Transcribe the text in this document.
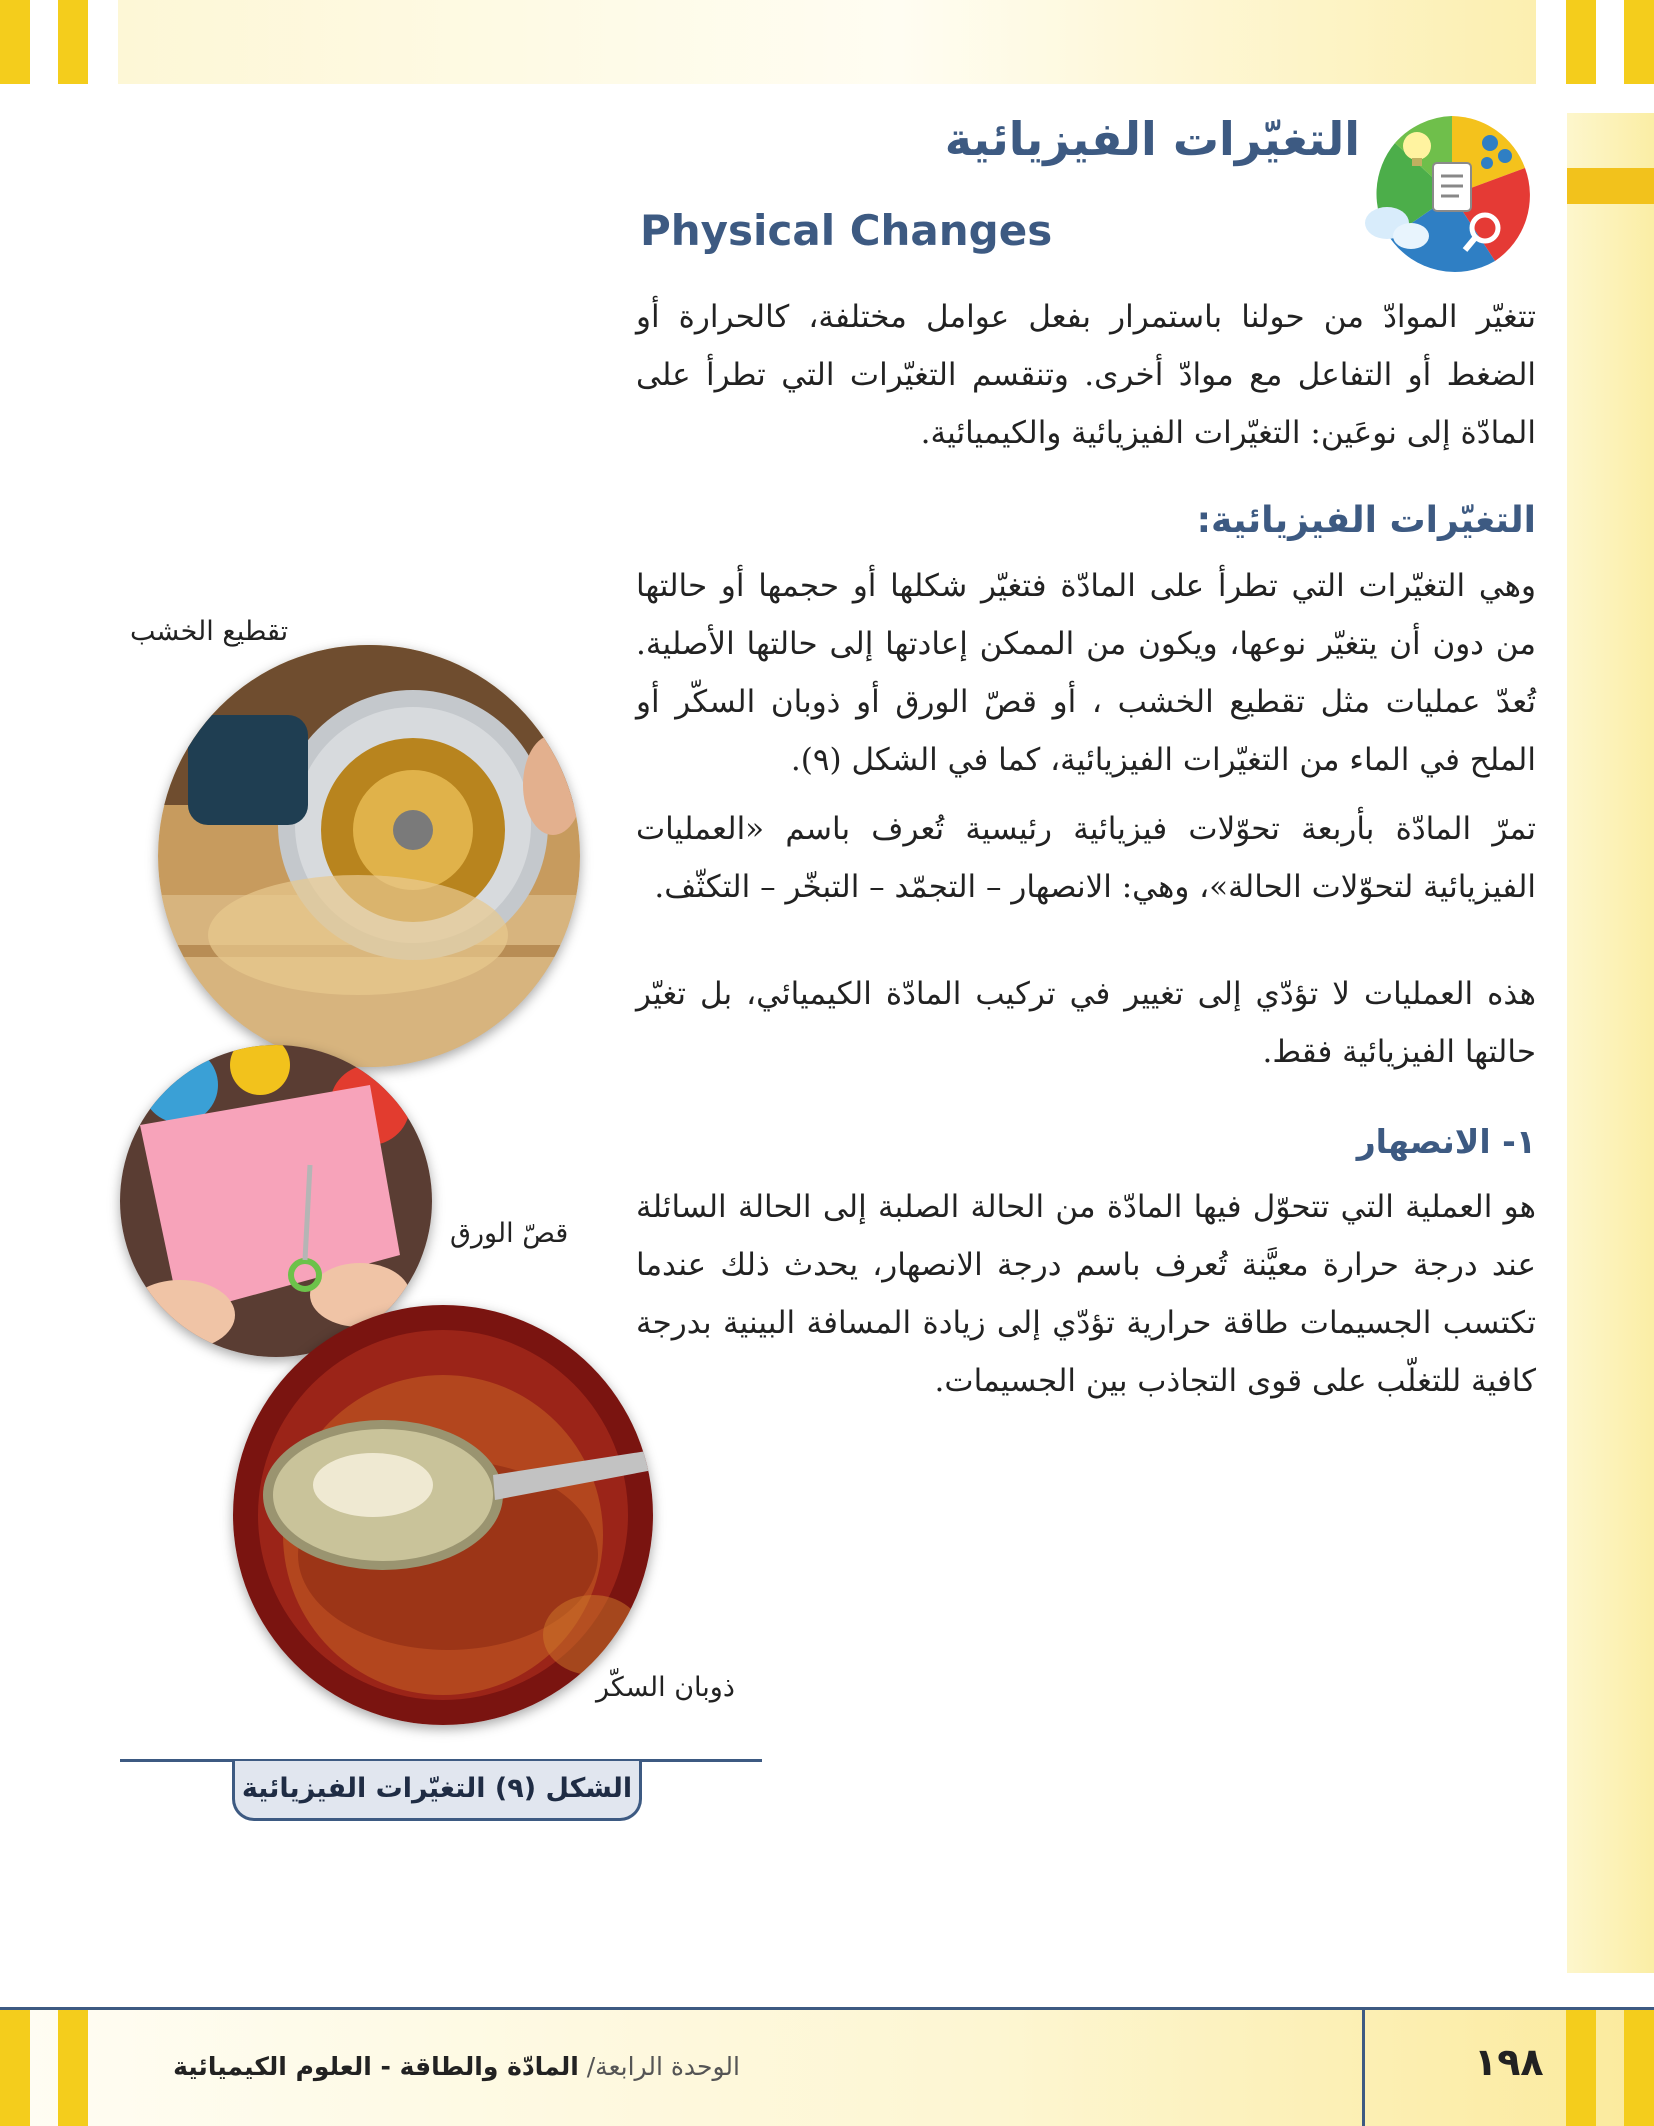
التغيّرات الفيزيائية
Physical Changes
تتغيّر الموادّ من حولنا باستمرار بفعل عوامل مختلفة، كالحرارة أو الضغط أو التفاعل مع موادّ أخرى. وتنقسم التغيّرات التي تطرأ على المادّة إلى نوعَين: التغيّرات الفيزيائية والكيميائية.
التغيّرات الفيزيائية:
وهي التغيّرات التي تطرأ على المادّة فتغيّر شكلها أو حجمها أو حالتها من دون أن يتغيّر نوعها، ويكون من الممكن إعادتها إلى حالتها الأصلية. تُعدّ عمليات مثل تقطيع الخشب ، أو قصّ الورق أو ذوبان السكّر أو الملح في الماء من التغيّرات الفيزيائية، كما في الشكل (٩).
تمرّ المادّة بأربعة تحوّلات فيزيائية رئيسية تُعرف باسم «العمليات الفيزيائية لتحوّلات الحالة»، وهي: الانصهار – التجمّد – التبخّر – التكثّف.
هذه العمليات لا تؤدّي إلى تغيير في تركيب المادّة الكيميائي، بل تغيّر حالتها الفيزيائية فقط.
١- الانصهار
هو العملية التي تتحوّل فيها المادّة من الحالة الصلبة إلى الحالة السائلة عند درجة حرارة معيَّنة تُعرف باسم درجة الانصهار، يحدث ذلك عندما تكتسب الجسيمات طاقة حرارية تؤدّي إلى زيادة المسافة البينية بدرجة كافية للتغلّب على قوى التجاذب بين الجسيمات.
تقطيع الخشب
قصّ الورق
ذوبان السكّر
الشكل (٩) التغيّرات الفيزيائية
الوحدة الرابعة/ المادّة والطاقة - العلوم الكيميائية	١٩٨
